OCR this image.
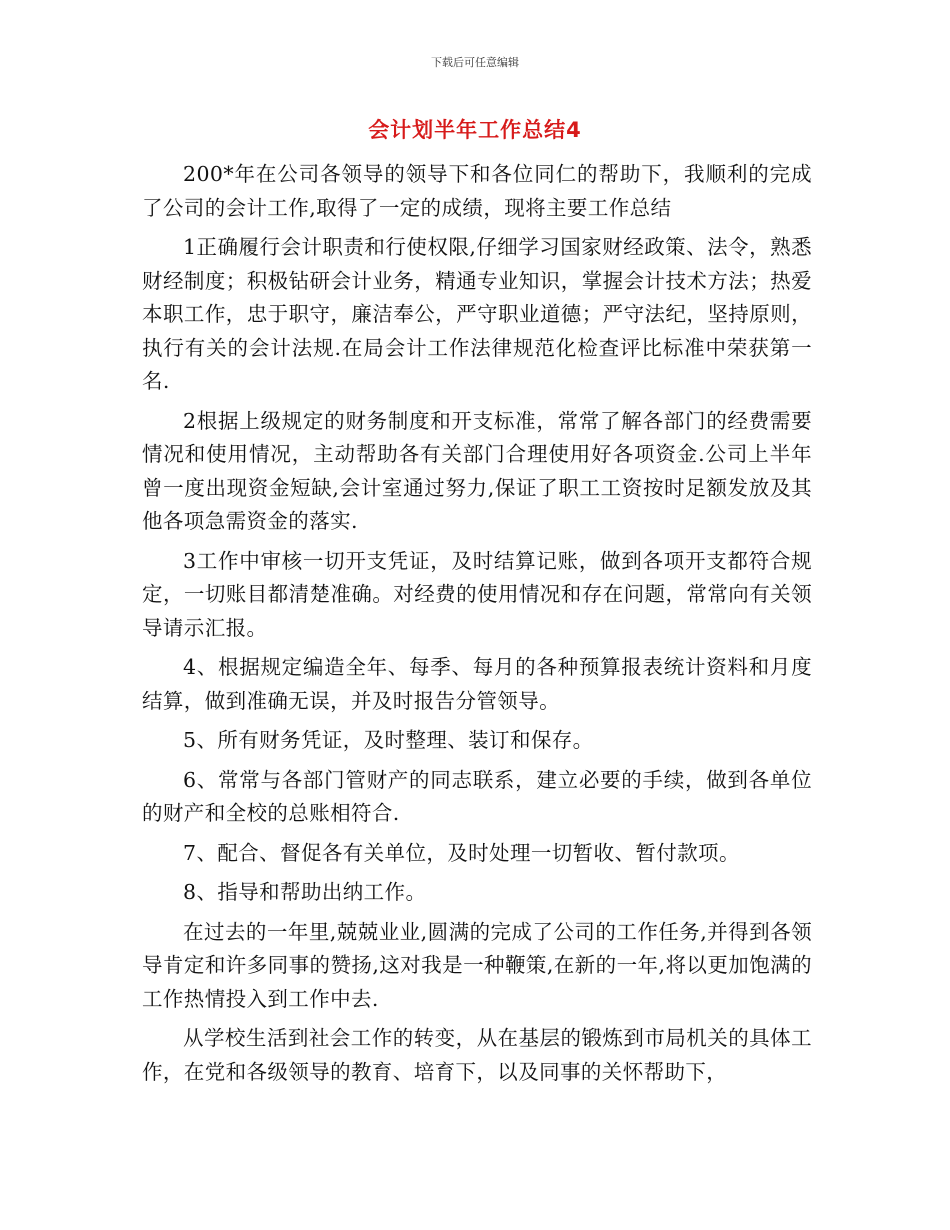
下载后可任意编辑
会计划半年工作总结4

200*年在公司各领导的领导下和各位同仁的帮助下，我顺利的完成了公司的会计工作,取得了一定的成绩，现将主要工作总结

1正确履行会计职责和行使权限,仔细学习国家财经政策、法令，熟悉财经制度；积极钻研会计业务，精通专业知识，掌握会计技术方法；热爱本职工作，忠于职守，廉洁奉公，严守职业道德；严守法纪，坚持原则，执行有关的会计法规.在局会计工作法律规范化检查评比标准中荣获第一名.

2根据上级规定的财务制度和开支标准，常常了解各部门的经费需要情况和使用情况，主动帮助各有关部门合理使用好各项资金.公司上半年曾一度出现资金短缺,会计室通过努力,保证了职工工资按时足额发放及其他各项急需资金的落实.

3工作中审核一切开支凭证，及时结算记账，做到各项开支都符合规定，一切账目都清楚准确。对经费的使用情况和存在问题，常常向有关领导请示汇报。

4、根据规定编造全年、每季、每月的各种预算报表统计资料和月度结算，做到准确无误，并及时报告分管领导。

5、所有财务凭证，及时整理、装订和保存。

6、常常与各部门管财产的同志联系，建立必要的手续，做到各单位的财产和全校的总账相符合.

7、配合、督促各有关单位，及时处理一切暂收、暂付款项。

8、指导和帮助出纳工作。

在过去的一年里,兢兢业业,圆满的完成了公司的工作任务,并得到各领导肯定和许多同事的赞扬,这对我是一种鞭策,在新的一年,将以更加饱满的工作热情投入到工作中去.

从学校生活到社会工作的转变，从在基层的锻炼到市局机关的具体工作，在党和各级领导的教育、培育下，以及同事的关怀帮助下，
